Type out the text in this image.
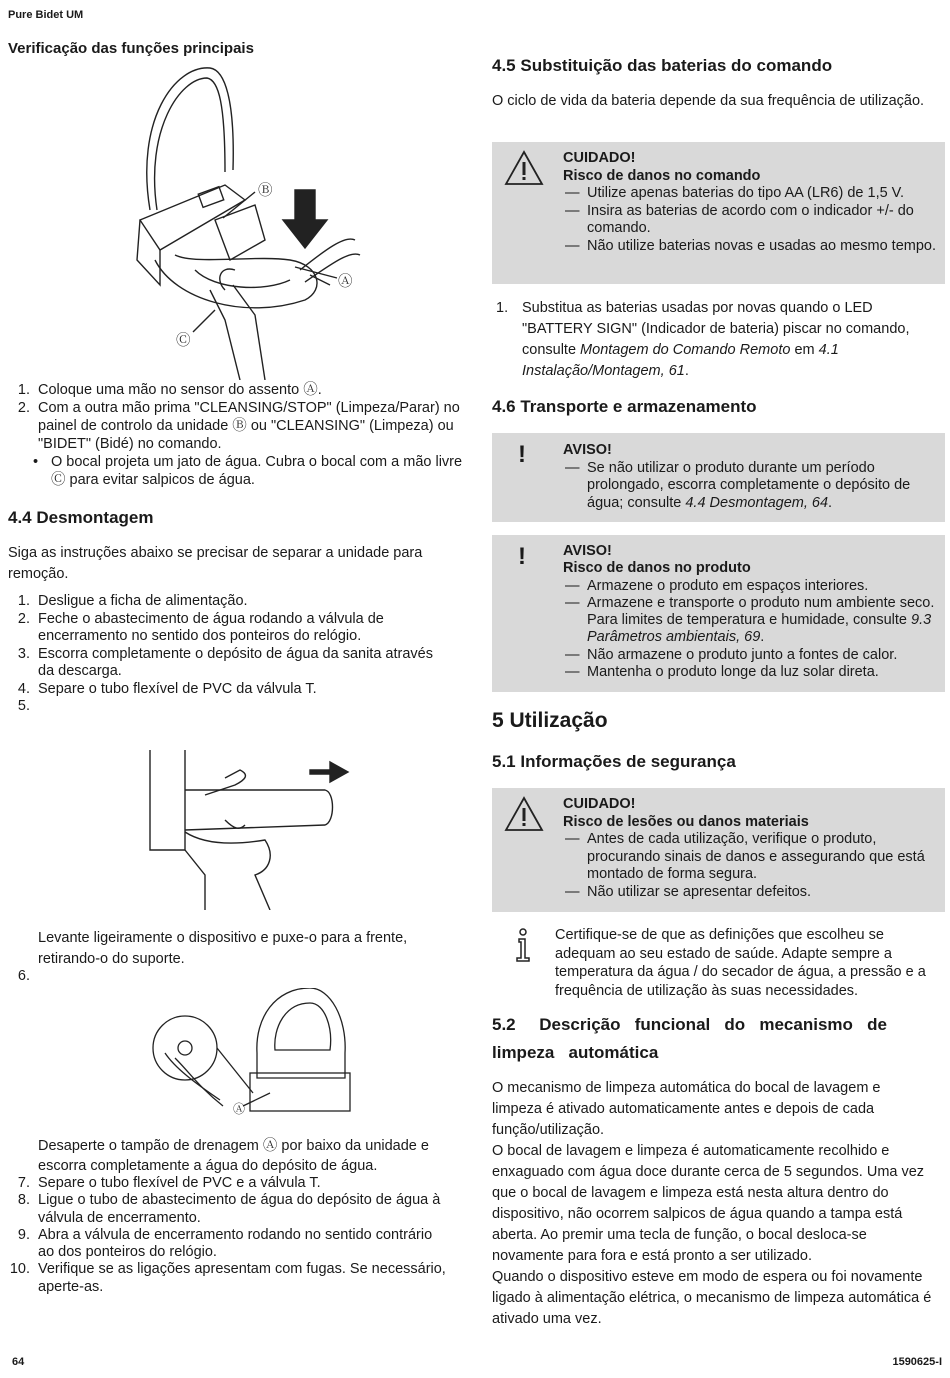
Pure Bidet UM
Verificação das funções principais
Ⓑ
Ⓐ
Ⓒ
1. Coloque uma mão no sensor do assento Ⓐ.
2. Com a outra mão prima "CLEANSING/STOP" (Limpeza/Parar) no painel de controlo da unidade Ⓑ ou "CLEANSING" (Limpeza) ou "BIDET" (Bidé) no comando.
• O bocal projeta um jato de água. Cubra o bocal com a mão livre Ⓒ para evitar salpicos de água.
4.4 Desmontagem
Siga as instruções abaixo se precisar de separar a unidade para remoção.
1. Desligue a ficha de alimentação.
2. Feche o abastecimento de água rodando a válvula de encerramento no sentido dos ponteiros do relógio.
3. Escorra completamente o depósito de água da sanita através da descarga.
4. Separe o tubo flexível de PVC da válvula T.
5.
Levante ligeiramente o dispositivo e puxe-o para a frente, retirando-o do suporte.
6.
Ⓐ
Desaperte o tampão de drenagem Ⓐ por baixo da unidade e escorra completamente a água do depósito de água.
7. Separe o tubo flexível de PVC e a válvula T.
8. Ligue o tubo de abastecimento de água do depósito de água à válvula de encerramento.
9. Abra a válvula de encerramento rodando no sentido contrário ao dos ponteiros do relógio.
10. Verifique se as ligações apresentam com fugas. Se necessário, aperte-as.
4.5 Substituição das baterias do comando
O ciclo de vida da bateria depende da sua frequência de utilização.
CUIDADO!
Risco de danos no comando
— Utilize apenas baterias do tipo AA (LR6) de 1,5 V.
— Insira as baterias de acordo com o indicador +/- do comando.
— Não utilize baterias novas e usadas ao mesmo tempo.
1. Substitua as baterias usadas por novas quando o LED "BATTERY SIGN" (Indicador de bateria) piscar no comando, consulte Montagem do Comando Remoto em 4.1 Instalação/Montagem, 61.
4.6 Transporte e armazenamento
!	AVISO!
— Se não utilizar o produto durante um período prolongado, escorra completamente o depósito de água; consulte 4.4 Desmontagem, 64.
!	AVISO!
Risco de danos no produto
— Armazene o produto em espaços interiores.
— Armazene e transporte o produto num ambiente seco. Para limites de temperatura e humidade, consulte 9.3 Parâmetros ambientais, 69.
— Não armazene o produto junto a fontes de calor.
— Mantenha o produto longe da luz solar direta.
5 Utilização
5.1 Informações de segurança
CUIDADO!
Risco de lesões ou danos materiais
— Antes de cada utilização, verifique o produto, procurando sinais de danos e assegurando que está montado de forma segura.
— Não utilizar se apresentar defeitos.
Certifique-se de que as definições que escolheu se adequam ao seu estado de saúde. Adapte sempre a temperatura da água / do secador de água, a pressão e a frequência de utilização às suas necessidades.
5.2     Descrição   funcional   do   mecanismo   de
limpeza   automática
O mecanismo de limpeza automática do bocal de lavagem e limpeza é ativado automaticamente antes e depois de cada função/utilização.
O bocal de lavagem e limpeza é automaticamente recolhido e enxaguado com água doce durante cerca de 5 segundos. Uma vez que o bocal de lavagem e limpeza está nesta altura dentro do dispositivo, não ocorrem salpicos de água quando a tampa está aberta. Ao premir uma tecla de função, o bocal desloca-se novamente para fora e está pronto a ser utilizado.
Quando o dispositivo esteve em modo de espera ou foi novamente ligado à alimentação elétrica, o mecanismo de limpeza automática é ativado uma vez.
64	1590625-I
